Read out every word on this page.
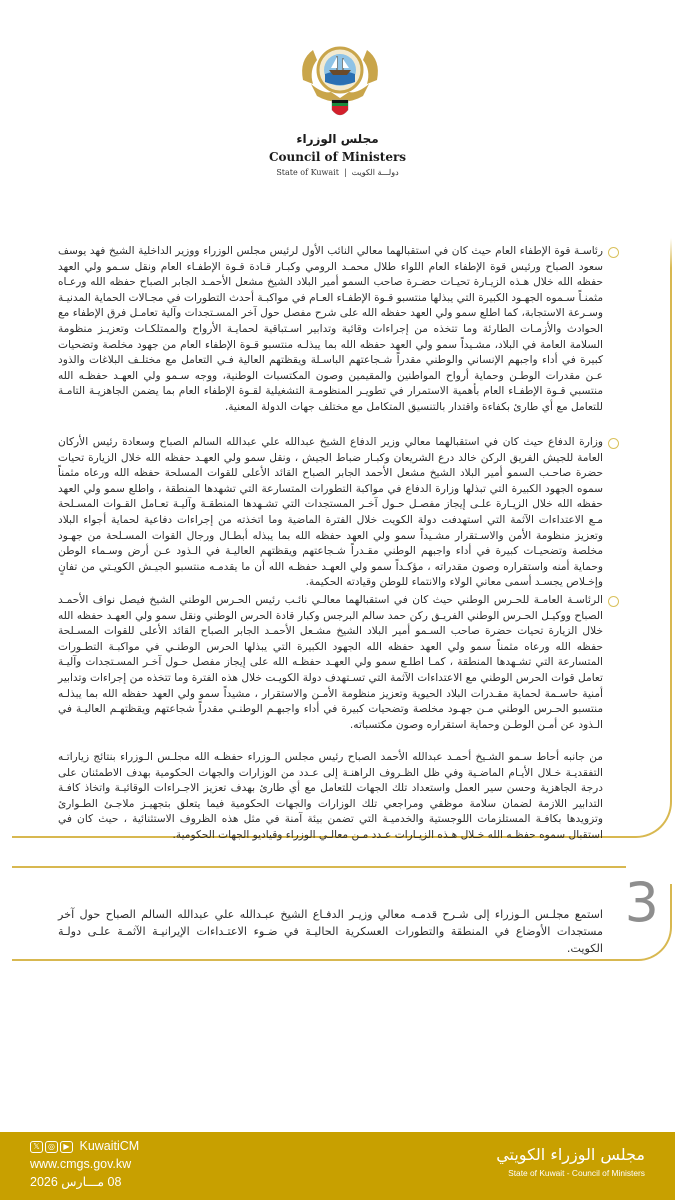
مجلس الوزراء
Council of Ministers
State of Kuwait | دولـــة الكويت

رئاسـة قوة الإطفاء العام حيث كان في استقبالهما معالي النائب الأول لرئيس مجلس الوزراء ووزير الداخلية الشيخ فهد يوسف سعود الصباح ورئيس قوة الإطفاء العام اللواء طلال محمـد الرومي وكبـار قـادة قـوة الإطفـاء العام ونقل سـمو ولي العهد حفظه الله خلال هـذه الزيـارة تحيـات حضـرة صاحب السمو أمير البلاد الشيخ مشعل الأحمـد الجابر الصباح حفظه الله ورعـاه مثمنـاً سـموه الجهـود الكبيرة التي يبذلها منتسبو قـوة الإطفـاء العـام في مواكبـة أحدث التطورات في مجـالات الحماية المدنيـة وسـرعة الاستجابة، كما اطلع سمو ولي العهد حفظه الله على شرح مفصل حول آخر المسـتجدات وآلية تعامـل فرق الإطفاء مع الحوادث والأزمـات الطارئة وما تتخذه من إجراءات وقائية وتدابير اسـتباقية لحمايـة الأرواح والممتلكـات وتعزيـز منظومة السلامة العامة في البلاد، مشـيداً سمو ولي العهد حفظه الله بما يبذلـه منتسبو قـوة الإطفاء العام من جهود مخلصة وتضحيات كبيرة في أداء واجبهم الإنساني والوطني مقدراً شـجاعتهم الباسـلة ويقظتهم العالية فـي التعامل مع مختلـف البلاغات والذود عـن مقدرات الوطـن وحماية أرواح المواطنين والمقيمين وصون المكتسبات الوطنية، ووجه سـمو ولي العهـد حفظـه الله منتسبي قـوة الإطفـاء العام بأهمية الاستمرار في تطويـر المنظومـة التشغيلية لقـوة الإطفاء العام بما يضمن الجاهزيـة التامـة للتعامل مع أي طارئ بكفاءة واقتدار بالتنسيق المتكامل مع مختلف جهات الدولة المعنية.

وزارة الدفاع حيث كان في استقبالهما معالي وزير الدفاع الشيخ عبدالله علي عبدالله السالم الصباح وسعادة رئيس الأركان العامة للجيش الفريق الركن خالد درع الشريعان وكبـار ضباط الجيش ، ونقل سمو ولي العهـد حفظه الله خلال الزيارة تحيات حضرة صاحـب السمو أمير البلاد الشيخ مشعل الأحمد الجابر الصباح القائد الأعلى للقوات المسلحة حفظه الله ورعاه مثمناً سموه الجهود الكبيرة التي تبذلها وزارة الدفاع في مواكبة التطورات المتسارعة التي تشهدها المنطقة ، واطلع سمو ولي العهد حفظه الله خلال الزيـارة علـى إيجاز مفصـل حـول آخـر المستجدات التي تشـهدها المنطقـة وآليـة تعـامل القـوات المسـلحة مـع الاعتداءات الآثمة التي استهدفت دولة الكويت خلال الفترة الماضية وما اتخذته من إجراءات دفاعية لحماية أجواء البلاد وتعزيز منظومة الأمن والاسـتقرار مشـيداً سمو ولي العهد حفظه الله بما يبذله أبطـال ورجال القوات المسـلحة من جهـود مخلصة وتضحيـات كبيرة في أداء واجبهم الوطني مقـدراً شـجاعتهم ويقظتهم العاليـة في الـذود عـن أرض وسـماء الوطن وحماية أمنه واستقراره وصون مقدراته ، مؤكـداً سمو ولي العهـد حفظـه الله أن ما يقدمـه منتسبو الجيـش الكويـتي من تفانٍ وإخـلاص يجسـد أسمى معاني الولاء والانتماء للوطن وقيادته الحكيمة.

الرئاسـة العامـة للحـرس الوطني حيث كان في استقبالهما معالـي نائـب رئيس الحـرس الوطني الشيخ فيصل نواف الأحمـد الصباح ووكيـل الحـرس الوطني الفريـق ركن حمد سالم البرجس وكبار قادة الحرس الوطني ونقل سمو ولي العهـد حفظه الله خلال الزيارة تحيات حضرة صاحب السـمو أمير البلاد الشيخ مشـعل الأحمـد الجابر الصباح القائد الأعلى للقوات المسـلحة حفظه الله ورعاه مثمناً سمو ولي العهد حفظه الله الجهود الكبيرة التي يبذلها الحرس الوطنـي في مواكبـة التطـورات المتسارعة التي تشـهدها المنطقة ، كمـا اطلـع سمو ولي العهـد حفظـه الله على إيجاز مفصل حـول آخـر المسـتجدات وآليـة تعامل قوات الحرس الوطني مع الاعتداءات الآثمة التي تسـتهدف دولة الكويـت خلال هذه الفترة وما تتخذه من إجراءات وتدابير أمنية حاسـمة لحماية مقـدرات البلاد الحيوية وتعزيز منظومة الأمـن والاستقرار ، مشيداً سمو ولي العهد حفظه الله بما يبذلـه منتسبو الحـرس الوطني مـن جهـود مخلصة وتضحيات كبيرة في أداء واجبهـم الوطنـي مقدراً شجاعتهم ويقظتهـم العاليـة في الـذود عن أمـن الوطـن وحماية استقراره وصون مكتسباته.

من جانبه أحاط سـمو الشـيخ أحمـد عبدالله الأحمد الصباح رئيس مجلس الـوزراء حفظـه الله مجلـس الـوزراء بنتائج زياراتـه التفقديـة خـلال الأيـام الماضـية وفي ظل الظـروف الراهنـة إلى عـدد من الوزارات والجهات الحكومية بهدف الاطمئنان على درجة الجاهزية وحسن سير العمل واستعداد تلك الجهات للتعامل مع أي طارئ بهدف تعزيز الاجـراءات الوقائيـة واتخاذ كافـة التدابير اللازمة لضمان سلامة موظفي ومراجعي تلك الوزارات والجهات الحكومية فيما يتعلق بتجهيـز ملاجـئ الطـوارئ وتزويدها بكافـة المستلزمات اللوجستية والخدميـة التي تضمن بيئة آمنة في مثل هذه الظروف الاستثنائية ، حيث كان في استقبال سموه حفظـه الله خـلال هـذه الزيـارات عـدد مـن معالـي الوزراء وقياديو الجهات الحكومية.

3

استمع مجلـس الـوزراء إلى شـرح قدمـه معالي وزيـر الدفـاع الشيخ عبـدالله علي عبدالله السالم الصباح حول آخر مستجدات الأوضاع في المنطقة والتطورات العسكرية الحاليـة في ضـوء الاعتـداءات الإيرانيـة الآثمـة علـى دولـة الكويت.

𝕏	◎	▶ KuwaitiCM
www.cmgs.gov.kw
08 مـــارس 2026
مجلس الوزراء الكويتي
State of Kuwait - Council of Ministers
